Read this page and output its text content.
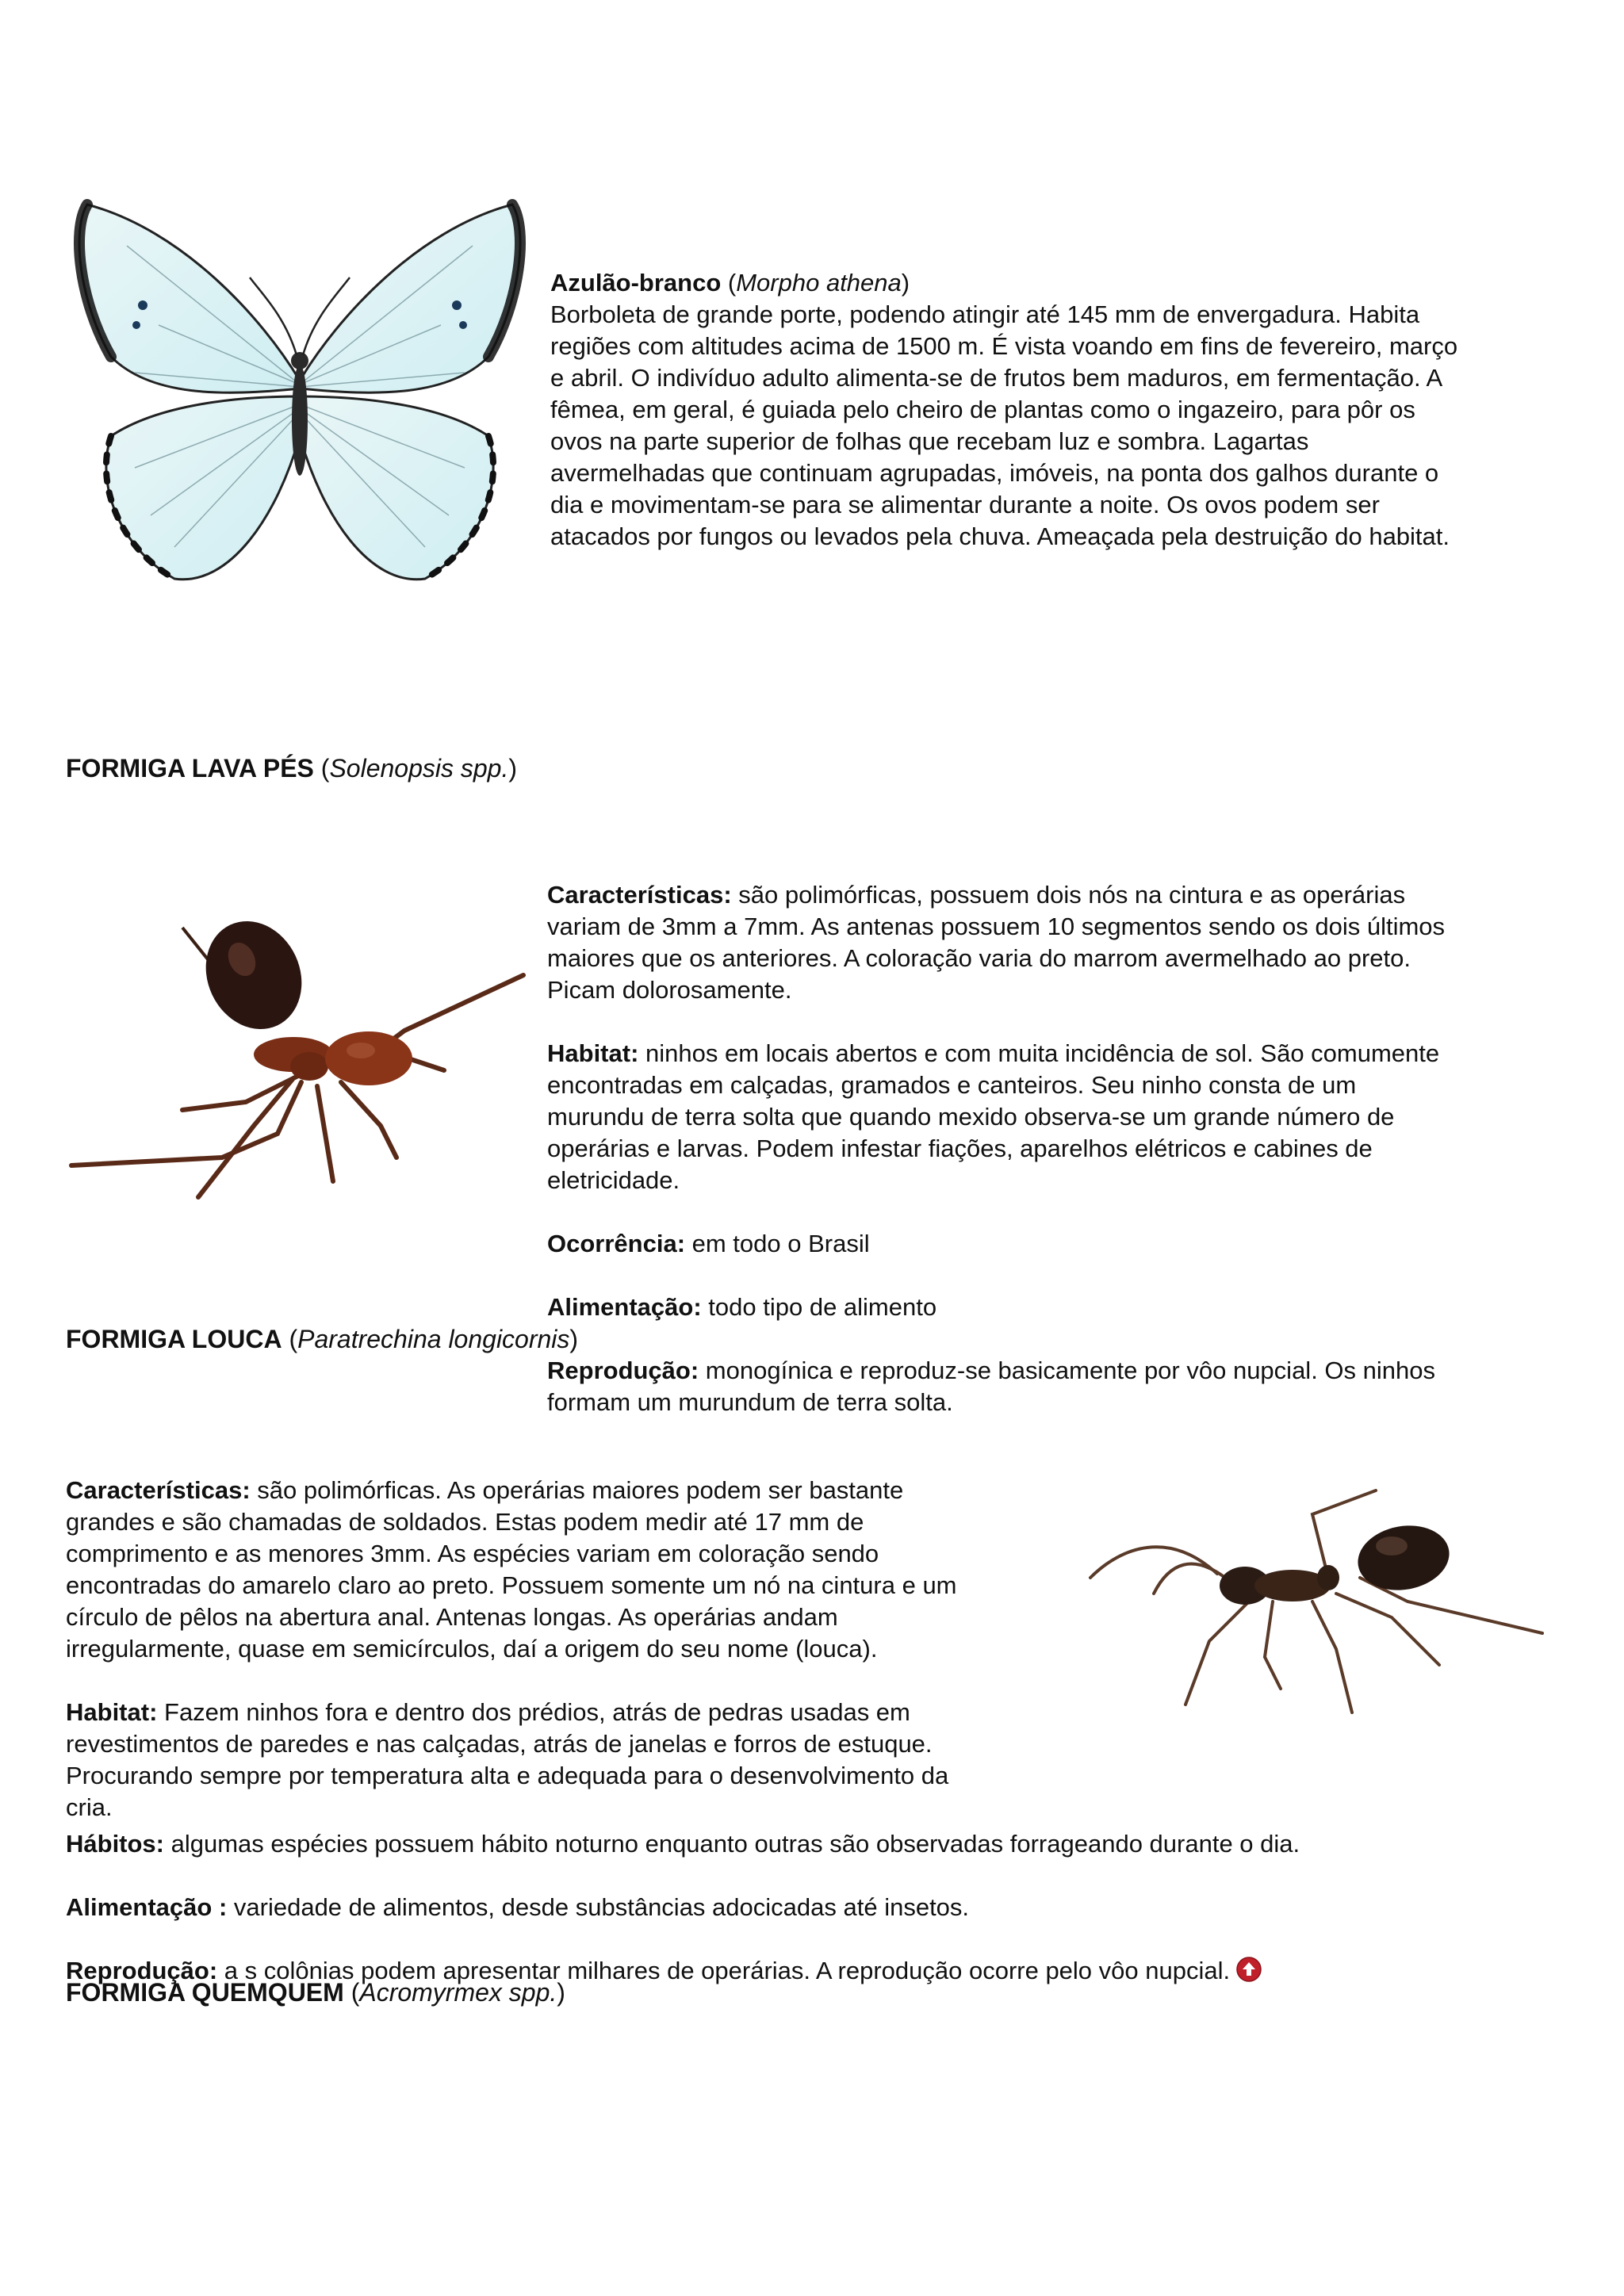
Azulão-branco (Morpho athena)

Borboleta de grande porte, podendo atingir até 145 mm de envergadura. Habita
regiões com altitudes acima de 1500 m. É vista voando em fins de fevereiro, março
e abril. O indivíduo adulto alimenta-se de frutos bem maduros, em fermentação. A
fêmea, em geral, é guiada pelo cheiro de plantas como o ingazeiro, para pôr os
ovos na parte superior de folhas que recebam luz e sombra. Lagartas
avermelhadas que continuam agrupadas, imóveis, na ponta dos galhos durante o
dia e movimentam-se para se alimentar durante a noite. Os ovos podem ser
atacados por fungos ou levados pela chuva. Ameaçada pela destruição do habitat.
FORMIGA LAVA PÉS (Solenopsis spp.)

Características: são polimórficas, possuem dois nós na cintura e as operárias
variam de 3mm a 7mm. As antenas possuem 10 segmentos sendo os dois últimos
maiores que os anteriores. A coloração varia do marrom avermelhado ao preto.
Picam dolorosamente.

Habitat: ninhos em locais abertos e com muita incidência de sol. São comumente
encontradas em calçadas, gramados e canteiros. Seu ninho consta de um
murundu de terra solta que quando mexido observa-se um grande número de
operárias e larvas. Podem infestar fiações, aparelhos elétricos e cabines de
eletricidade.

Ocorrência: em todo o Brasil

Alimentação: todo tipo de alimento

Reprodução: monogínica e reproduz-se basicamente por vôo nupcial. Os ninhos
formam um murundum de terra solta.

FORMIGA LOUCA (Paratrechina longicornis)

Características: são polimórficas. As operárias maiores podem ser bastante
grandes e são chamadas de soldados. Estas podem medir até 17 mm de
comprimento e as menores 3mm. As espécies variam em coloração sendo
encontradas do amarelo claro ao preto. Possuem somente um nó na cintura e um
círculo de pêlos na abertura anal. Antenas longas. As operárias andam
irregularmente, quase em semicírculos, daí a origem do seu nome (louca).

Habitat: Fazem ninhos fora e dentro dos prédios, atrás de pedras usadas em
revestimentos de paredes e nas calçadas, atrás de janelas e forros de estuque.
Procurando sempre por temperatura alta e adequada para o desenvolvimento da
cria.

Hábitos: algumas espécies possuem hábito noturno enquanto outras são observadas forrageando durante o dia.

Alimentação : variedade de alimentos, desde substâncias adocicadas até insetos.

Reprodução: a s colônias podem apresentar milhares de operárias. A reprodução ocorre pelo vôo nupcial.

FORMIGA QUEMQUEM (Acromyrmex spp.)
